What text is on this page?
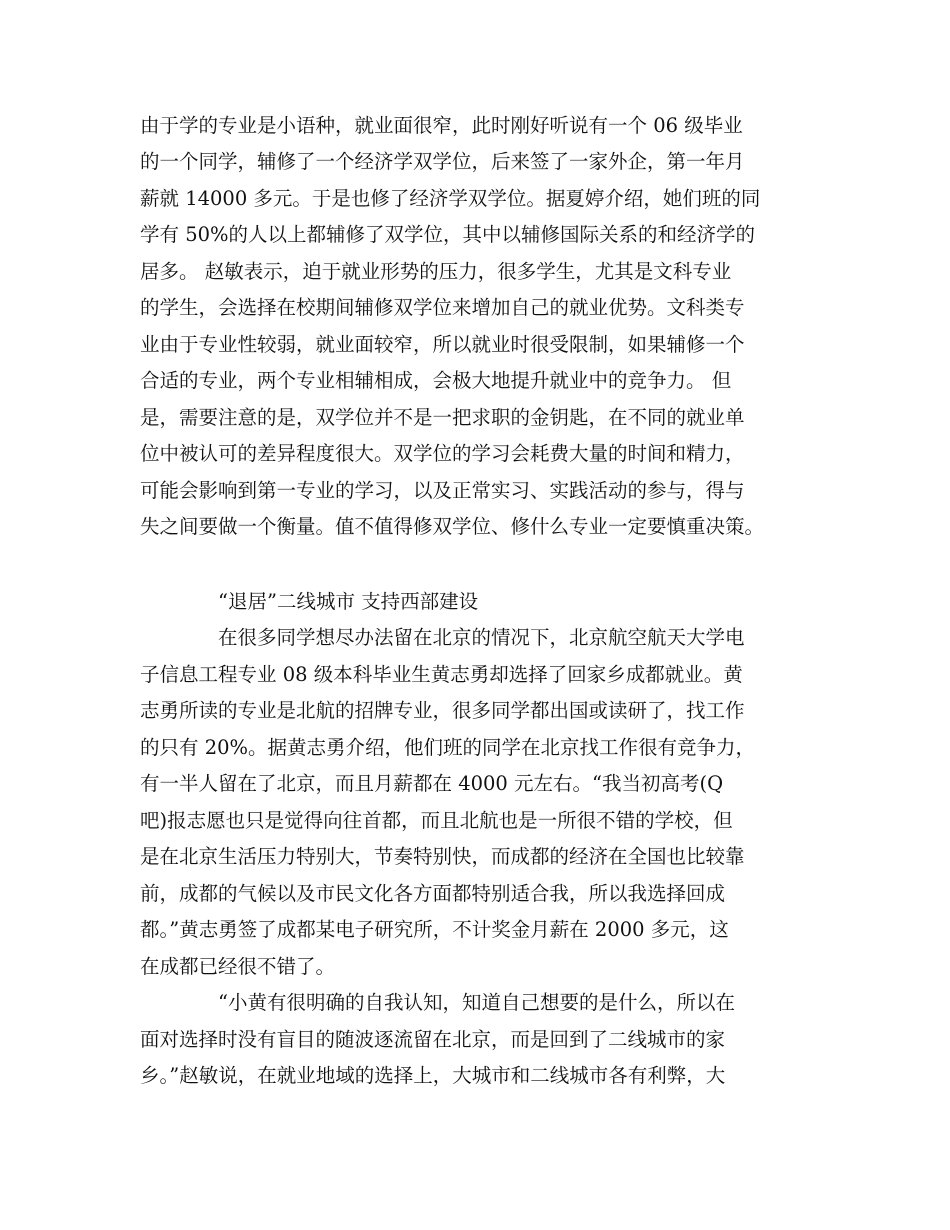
由于学的专业是小语种，就业面很窄，此时刚好听说有一个 06 级毕业
的一个同学，辅修了一个经济学双学位，后来签了一家外企，第一年月
薪就 14000 多元。于是也修了经济学双学位。据夏婷介绍，她们班的同
学有 50%的人以上都辅修了双学位，其中以辅修国际关系的和经济学的
居多。 赵敏表示，迫于就业形势的压力，很多学生，尤其是文科专业
的学生，会选择在校期间辅修双学位来增加自己的就业优势。文科类专
业由于专业性较弱，就业面较窄，所以就业时很受限制，如果辅修一个
合适的专业，两个专业相辅相成，会极大地提升就业中的竞争力。 但
是，需要注意的是，双学位并不是一把求职的金钥匙，在不同的就业单
位中被认可的差异程度很大。双学位的学习会耗费大量的时间和精力，
可能会影响到第一专业的学习，以及正常实习、实践活动的参与，得与
失之间要做一个衡量。值不值得修双学位、修什么专业一定要慎重决策。
“退居”二线城市 支持西部建设
在很多同学想尽办法留在北京的情况下，北京航空航天大学电
子信息工程专业 08 级本科毕业生黄志勇却选择了回家乡成都就业。黄
志勇所读的专业是北航的招牌专业，很多同学都出国或读研了，找工作
的只有 20%。据黄志勇介绍，他们班的同学在北京找工作很有竞争力，
有一半人留在了北京，而且月薪都在 4000 元左右。“我当初高考(Q
吧)报志愿也只是觉得向往首都，而且北航也是一所很不错的学校，但
是在北京生活压力特别大，节奏特别快，而成都的经济在全国也比较靠
前，成都的气候以及市民文化各方面都特别适合我，所以我选择回成
都。”黄志勇签了成都某电子研究所，不计奖金月薪在 2000 多元，这
在成都已经很不错了。
“小黄有很明确的自我认知，知道自己想要的是什么，所以在
面对选择时没有盲目的随波逐流留在北京，而是回到了二线城市的家
乡。”赵敏说，在就业地域的选择上，大城市和二线城市各有利弊，大
